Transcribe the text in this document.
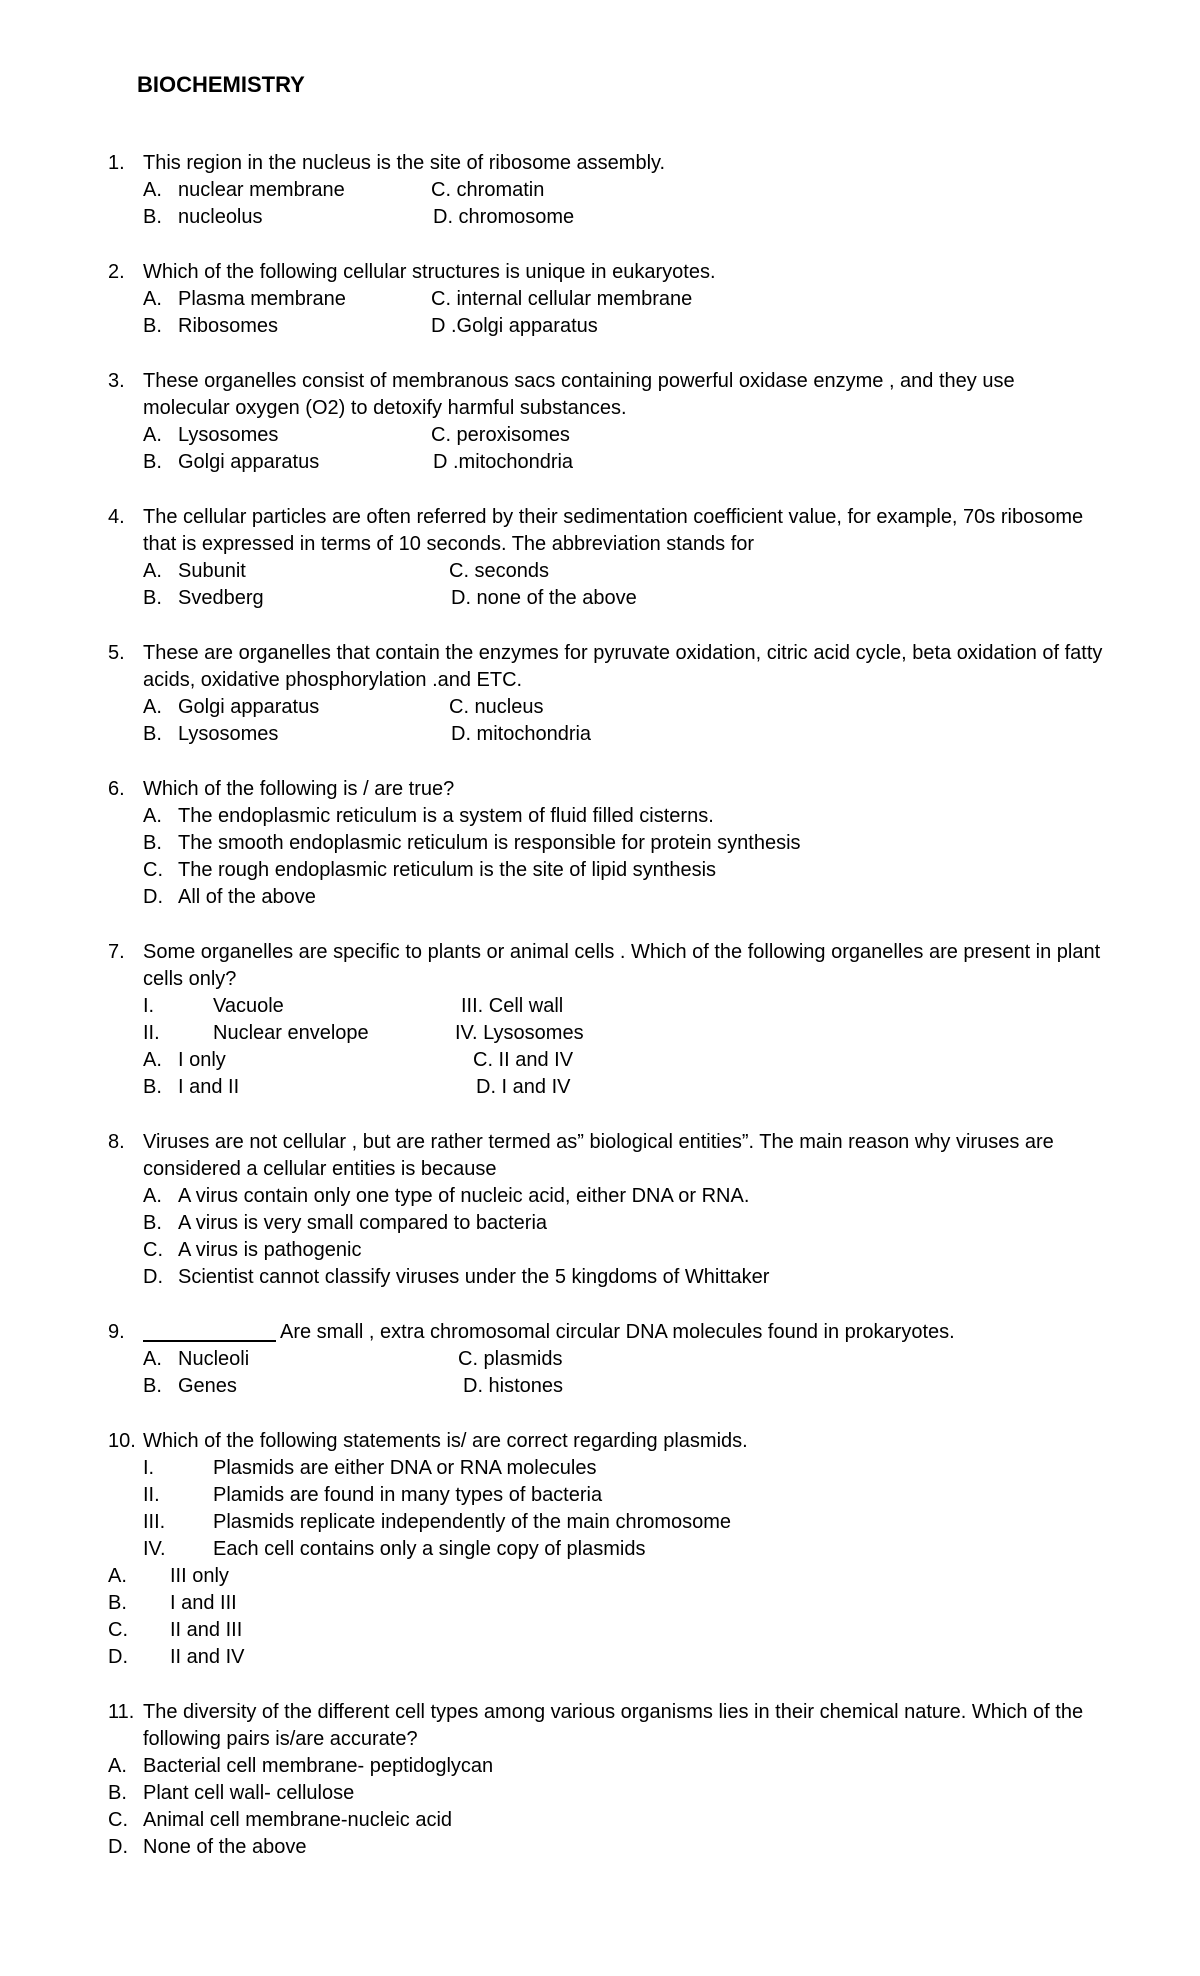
BIOCHEMISTRY
1. This region in the nucleus is the site of ribosome assembly.
A. nuclear membrane
B. nucleolus
C. chromatin
D. chromosome
2. Which of the following cellular structures is unique in eukaryotes.
A. Plasma membrane
B. Ribosomes
C. internal cellular membrane
D .Golgi apparatus
3. These organelles consist of membranous sacs containing powerful oxidase enzyme , and they use
molecular oxygen (O2) to detoxify harmful substances.
A. Lysosomes
B. Golgi apparatus
C. peroxisomes
D .mitochondria
4. The cellular particles are often referred by their sedimentation coefficient value, for example, 70s ribosome
that is expressed in terms of 10 seconds. The abbreviation stands for
A. Subunit
B. Svedberg
C. seconds
D. none of the above
5. These are organelles that contain the enzymes for pyruvate oxidation, citric acid cycle, beta oxidation of fatty
acids, oxidative phosphorylation .and ETC.
A. Golgi apparatus
B. Lysosomes
C. nucleus
D. mitochondria
6. Which of the following is / are true?
A. The endoplasmic reticulum is a system of fluid filled cisterns.
B. The smooth endoplasmic reticulum is responsible for protein synthesis
C. The rough endoplasmic reticulum is the site of lipid synthesis
D. All of the above
7. Some organelles are specific to plants or animal cells . Which of the following organelles are present in plant
cells only?
I.	Vacuole
II.	Nuclear envelope
III. Cell wall
IV. Lysosomes
A. I only
B. I and II
C. II and IV
D. I and IV
8. Viruses are not cellular , but are rather termed as” biological entities”. The main reason why viruses are
considered a cellular entities is because
A. A virus contain only one type of nucleic acid, either DNA or RNA.
B. A virus is very small compared to bacteria
C. A virus is pathogenic
D. Scientist cannot classify viruses under the 5 kingdoms of Whittaker
9.	Are small , extra chromosomal circular DNA molecules found in prokaryotes.
A. Nucleoli
B. Genes
C. plasmids
D. histones
10. Which of the following statements is/ are correct regarding plasmids.
I.	Plasmids are either DNA or RNA molecules
II.	Plamids are found in many types of bacteria
III. Plasmids replicate independently of the main chromosome
IV. Each cell contains only a single copy of plasmids
A. III only
B. I and III
C. II and III
D. II and IV
11. The diversity of the different cell types among various organisms lies in their chemical nature. Which of the
following pairs is/are accurate?
A. Bacterial cell membrane- peptidoglycan
B. Plant cell wall- cellulose
C. Animal cell membrane-nucleic acid
D. None of the above
